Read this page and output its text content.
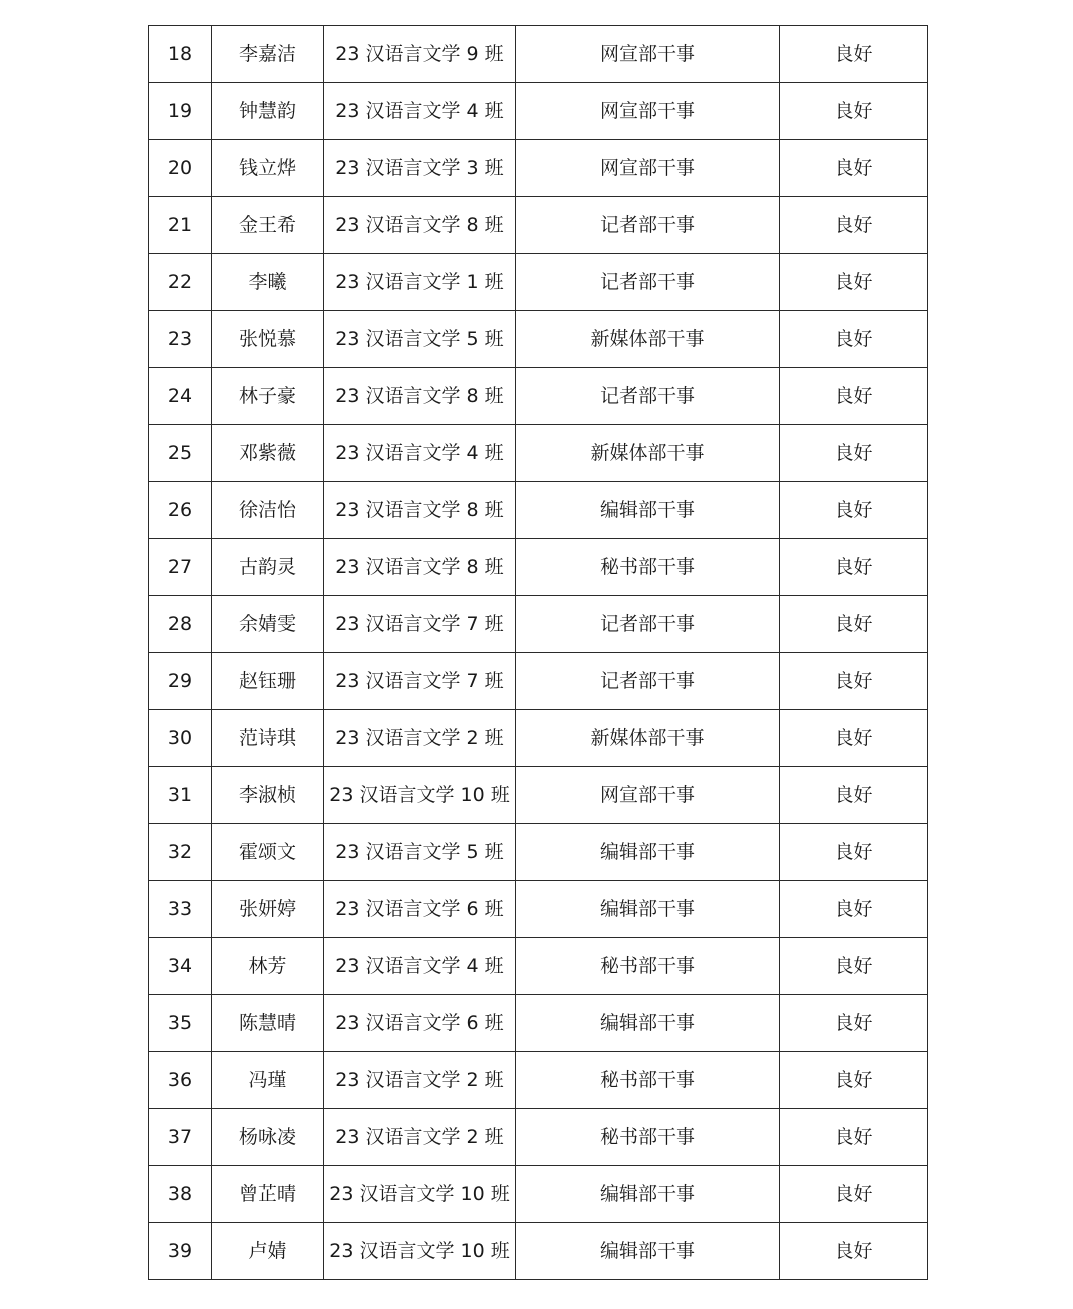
18	李嘉洁	23 汉语言文学 9 班	网宣部干事	良好
19	钟慧韵	23 汉语言文学 4 班	网宣部干事	良好
20	钱立烨	23 汉语言文学 3 班	网宣部干事	良好
21	金王希	23 汉语言文学 8 班	记者部干事	良好
22	李曦	23 汉语言文学 1 班	记者部干事	良好
23	张悦慕	23 汉语言文学 5 班	新媒体部干事	良好
24	林子豪	23 汉语言文学 8 班	记者部干事	良好
25	邓紫薇	23 汉语言文学 4 班	新媒体部干事	良好
26	徐洁怡	23 汉语言文学 8 班	编辑部干事	良好
27	古韵灵	23 汉语言文学 8 班	秘书部干事	良好
28	余婧雯	23 汉语言文学 7 班	记者部干事	良好
29	赵钰珊	23 汉语言文学 7 班	记者部干事	良好
30	范诗琪	23 汉语言文学 2 班	新媒体部干事	良好
31	李淑桢	23 汉语言文学 10 班	网宣部干事	良好
32	霍颂文	23 汉语言文学 5 班	编辑部干事	良好
33	张妍婷	23 汉语言文学 6 班	编辑部干事	良好
34	林芳	23 汉语言文学 4 班	秘书部干事	良好
35	陈慧晴	23 汉语言文学 6 班	编辑部干事	良好
36	冯瑾	23 汉语言文学 2 班	秘书部干事	良好
37	杨咏凌	23 汉语言文学 2 班	秘书部干事	良好
38	曾芷晴	23 汉语言文学 10 班	编辑部干事	良好
39	卢婧	23 汉语言文学 10 班	编辑部干事	良好
